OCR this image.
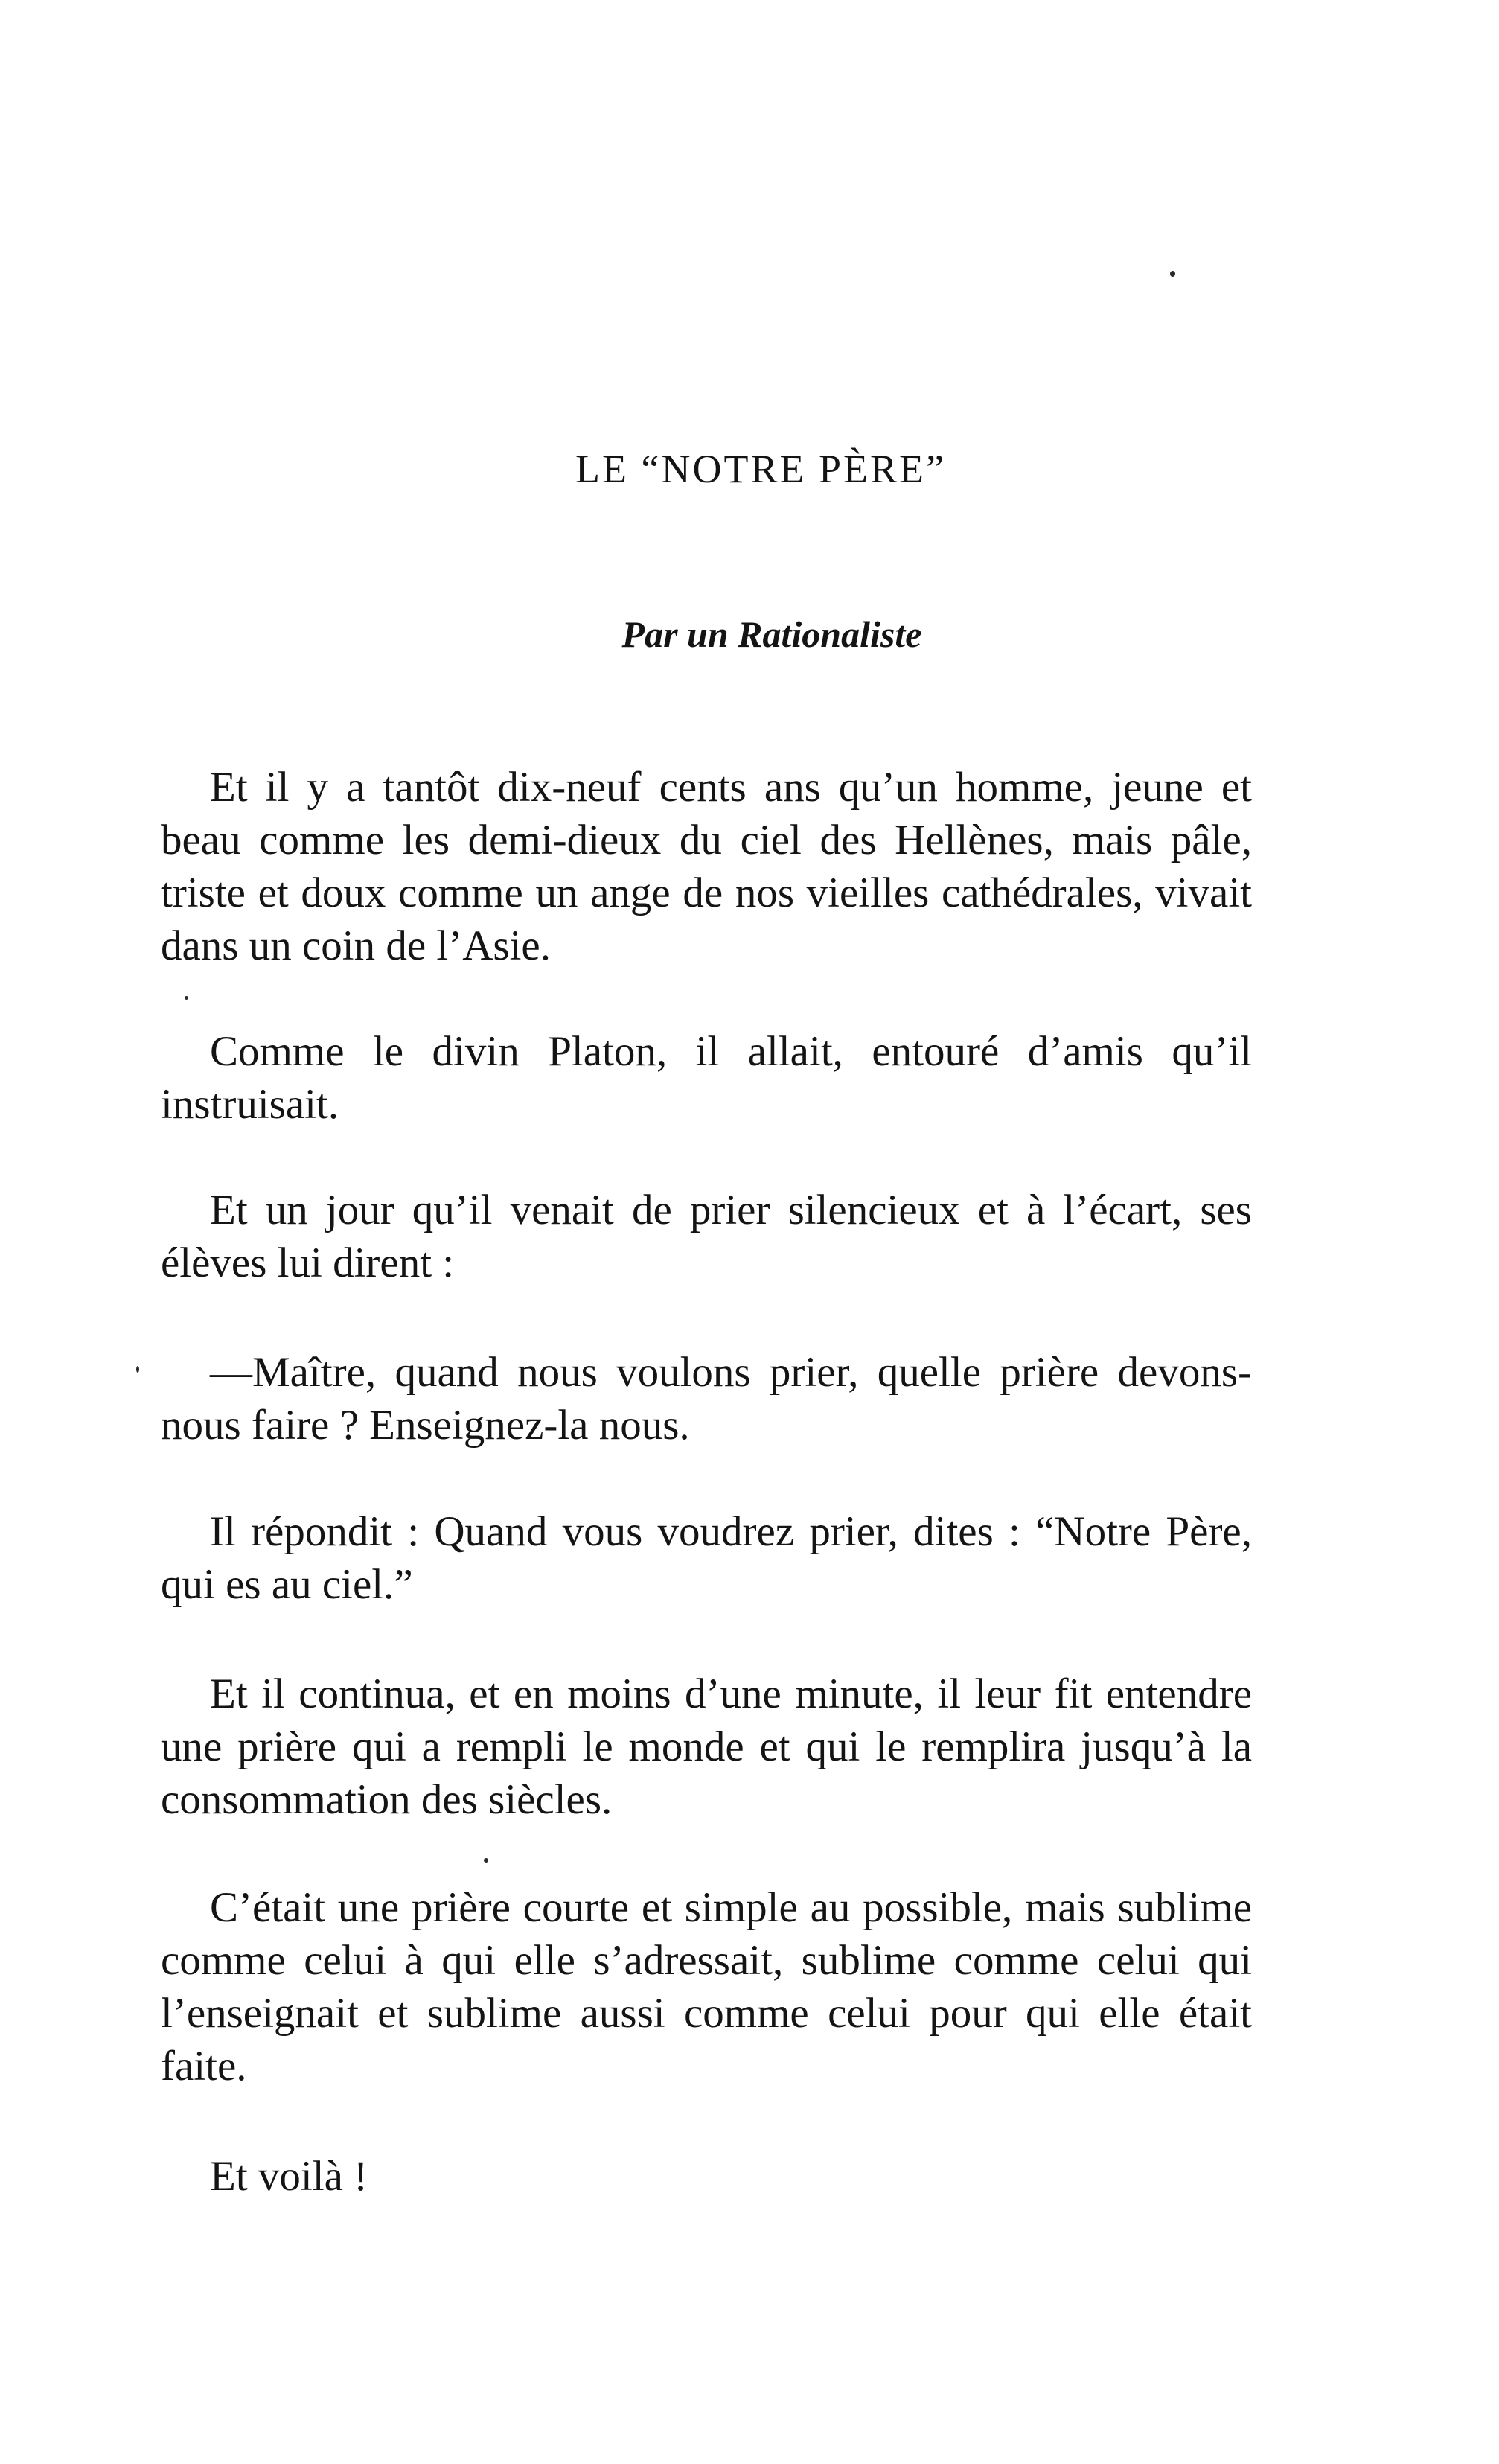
LE “NOTRE PÈRE”
Par un Rationaliste

Et il y a tantôt dix-neuf cents ans qu’un homme, jeune et beau comme les demi-dieux du ciel des Hellènes, mais pâle, triste et doux comme un ange de nos vieilles cathédrales, vivait dans un coin de l’Asie.

Comme le divin Platon, il allait, entouré d’amis qu’il instruisait.

Et un jour qu’il venait de prier silencieux et à l’écart, ses élèves lui dirent :

—Maître, quand nous voulons prier, quelle prière devons-nous faire ? Enseignez-la nous.

Il répondit : Quand vous voudrez prier, dites : “Notre Père, qui es au ciel.”

Et il continua, et en moins d’une minute, il leur fit entendre une prière qui a rempli le monde et qui le remplira jusqu’à la consommation des siècles.

C’était une prière courte et simple au possible, mais sublime comme celui à qui elle s’adressait, sublime comme celui qui l’enseignait et sublime aussi comme celui pour qui elle était faite.

Et voilà !
